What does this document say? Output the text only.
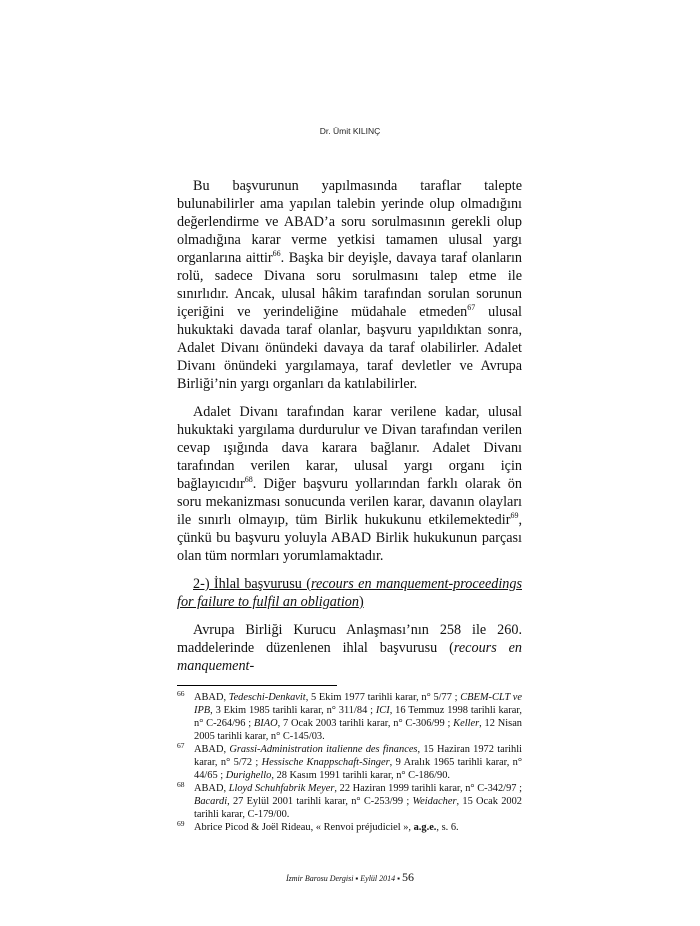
Dr. Ümit KILINÇ

Bu başvurunun yapılmasında taraflar talepte bulunabilirler ama yapılan talebin yerinde olup olmadığını değerlendirme ve ABAD’a soru sorulmasının gerekli olup olmadığına karar verme yetkisi tamamen ulusal yargı organlarına aittir$^{66}$. Başka bir deyişle, davaya taraf olanların rolü, sadece Divana soru sorulmasını talep etme ile sınırlıdır. Ancak, ulusal hâkim tarafından sorulan sorunun içeriğini ve yerindeliğine müdahale etmeden$^{67}$ ulusal hukuktaki davada taraf olanlar, başvuru yapıldıktan sonra, Adalet Divanı önündeki davaya da taraf olabilirler. Adalet Divanı önündeki yargılamaya, taraf devletler ve Avrupa Birliği’nin yargı organları da katılabilirler.

Adalet Divanı tarafından karar verilene kadar, ulusal hukuktaki yargılama durdurulur ve Divan tarafından verilen cevap ışığında dava karara bağlanır. Adalet Divanı tarafından verilen karar, ulusal yargı organı için bağlayıcıdır$^{68}$. Diğer başvuru yollarından farklı olarak ön soru mekanizması sonucunda verilen karar, davanın olayları ile sınırlı olmayıp, tüm Birlik hukukunu etkilemektedir$^{69}$, çünkü bu başvuru yoluyla ABAD Birlik hukukunun parçası olan tüm normları yorumlamaktadır.

2-) İhlal başvurusu (recours en manquement-proceedings for failure to fulfil an obligation)

Avrupa Birliği Kurucu Anlaşması’nın 258 ile 260. maddelerinde düzenlenen ihlal başvurusu (recours en manquement-

66 ABAD, Tedeschi-Denkavit, 5 Ekim 1977 tarihli karar, n° 5/77 ; CBEM-CLT ve IPB, 3 Ekim 1985 tarihli karar, n° 311/84 ; ICI, 16 Temmuz 1998 tarihli karar, n° C-264/96 ; BIAO, 7 Ocak 2003 tarihli karar, n° C-306/99 ; Keller, 12 Nisan 2005 tarihli karar, n° C-145/03.

67 ABAD, Grassi-Administration italienne des finances, 15 Haziran 1972 tarihli karar, n° 5/72 ; Hessische Knappschaft-Singer, 9 Aralık 1965 tarihli karar, n° 44/65 ; Durighello, 28 Kasım 1991 tarihli karar, n° C-186/90.

68 ABAD, Lloyd Schuhfabrik Meyer, 22 Haziran 1999 tarihli karar, n° C-342/97 ; Bacardi, 27 Eylül 2001 tarihli karar, n° C-253/99 ; Weidacher, 15 Ocak 2002 tarihli karar, C-179/00.

69 Abrice Picod & Joël Rideau, « Renvoi préjudiciel », a.g.e., s. 6.

İzmir Barosu Dergisi ▪ Eylül 2014 ▪ 56
